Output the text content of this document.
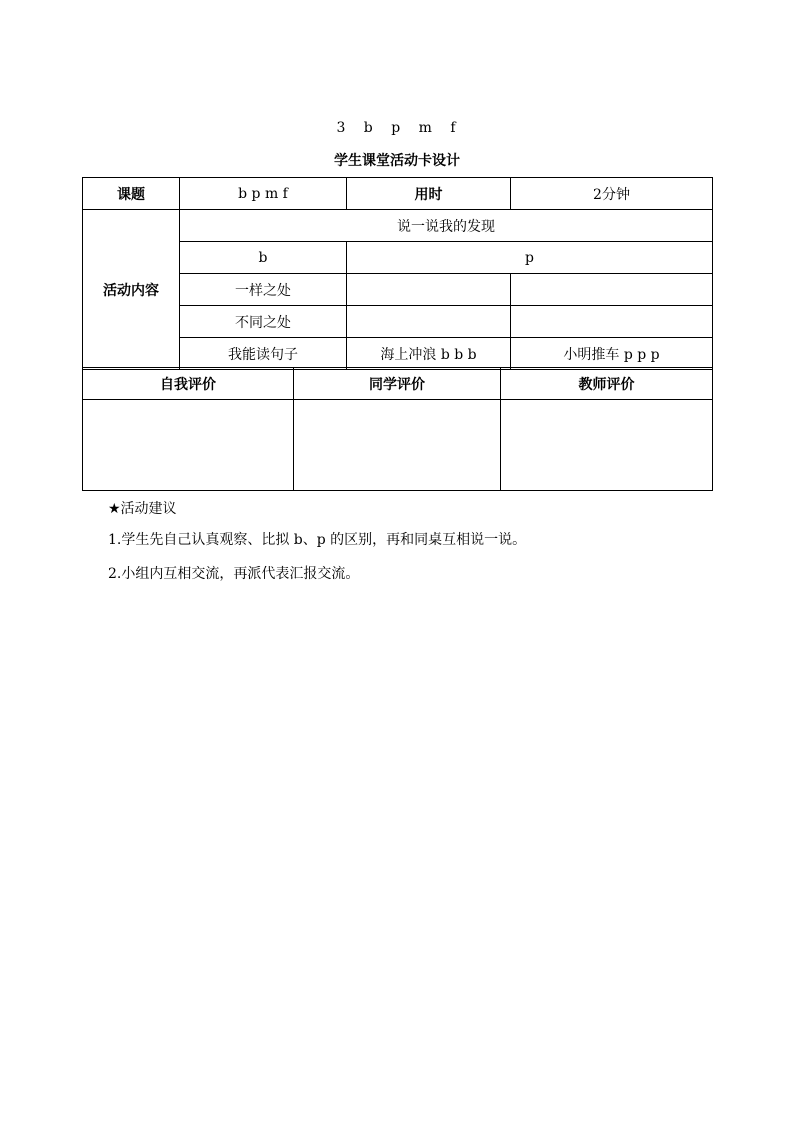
3 b p m f
学生课堂活动卡设计
课题	b p m f	用时	2分钟
活动内容	说一说我的发现		
	b	p	
	一样之处		
	不同之处		
	我能读句子	海上冲浪 b b b	小明推车 p p p
自我评价	同学评价	教师评价

★活动建议
1.学生先自己认真观察、比拟 b、p 的区别，再和同桌互相说一说。
2.小组内互相交流，再派代表汇报交流。
